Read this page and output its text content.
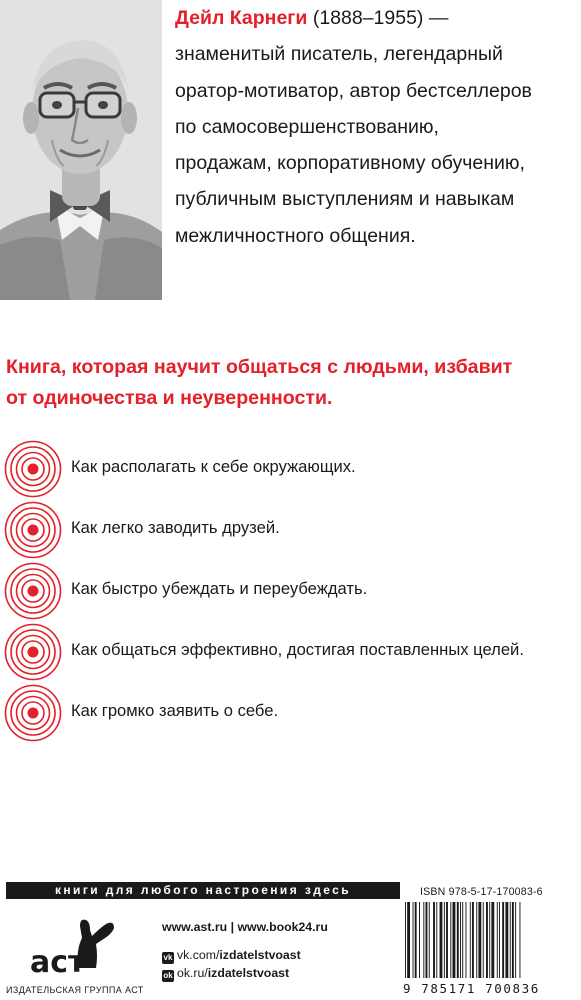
Дейл Карнеги (1888–1955) —
знаменитый писатель, легендарный
оратор-мотиватор, автор бестселлеров
по самосовершенствованию,
продажам, корпоративному обучению,
публичным выступлениям и навыкам
межличностного общения.
Книга, которая научит общаться с людьми, избавит
от одиночества и неуверенности.
Как располагать к себе окружающих.
Как легко заводить друзей.
Как быстро убеждать и переубеждать.
Как общаться эффективно, достигая поставленных целей.
Как громко заявить о себе.
книги для любого настроения здесь
аст
ИЗДАТЕЛЬСКАЯ ГРУППА АСТ
www.ast.ru | www.book24.ru
vk vk.com/izdatelstvoast
ok ok.ru/izdatelstvoast
ISBN 978-5-17-170083-6
9 785171 700836
